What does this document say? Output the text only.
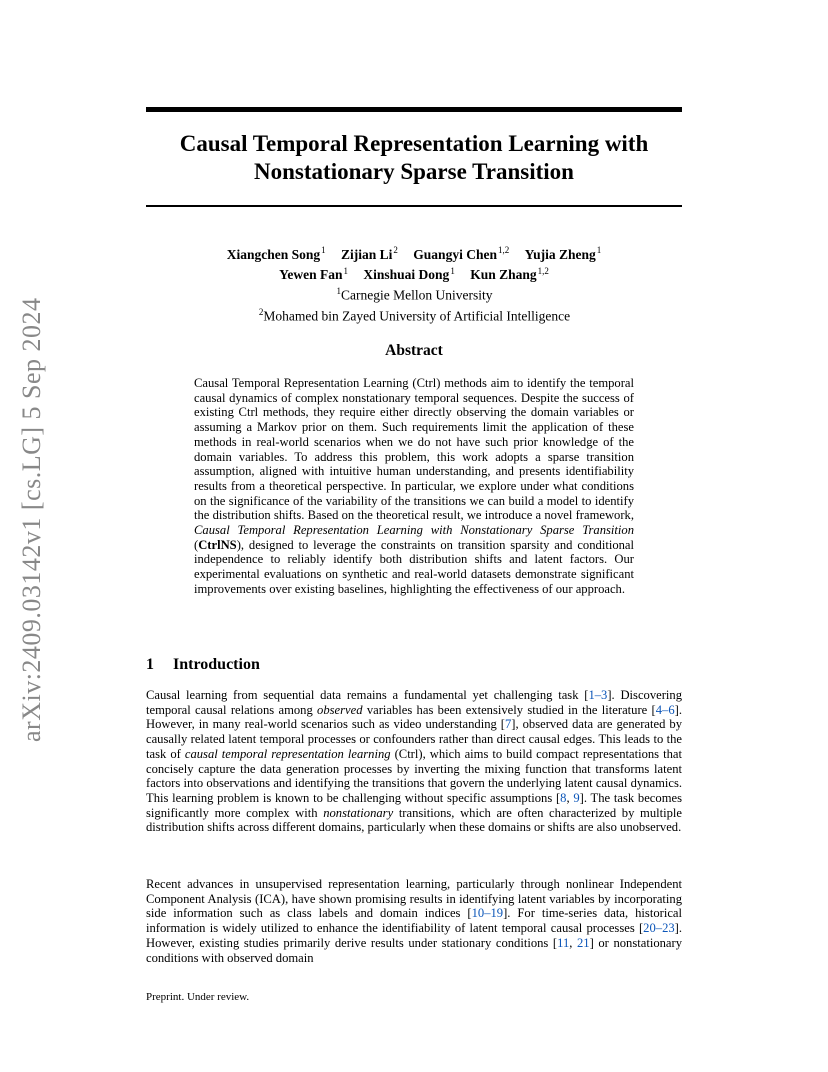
arXiv:2409.03142v1 [cs.LG] 5 Sep 2024
Causal Temporal Representation Learning with
Nonstationary Sparse Transition
Xiangchen Song$^1$ Zijian Li$^2$ Guangyi Chen$^{1,2}$ Yujia Zheng$^1$
Yewen Fan$^1$ Xinshuai Dong$^1$ Kun Zhang$^{1,2}$
$^1$Carnegie Mellon University
$^2$Mohamed bin Zayed University of Artificial Intelligence
Abstract
Causal Temporal Representation Learning (Ctrl) methods aim to identify the temporal causal dynamics of complex nonstationary temporal sequences. Despite the success of existing Ctrl methods, they require either directly observing the domain variables or assuming a Markov prior on them. Such requirements limit the application of these methods in real-world scenarios when we do not have such prior knowledge of the domain variables. To address this problem, this work adopts a sparse transition assumption, aligned with intuitive human understanding, and presents identifiability results from a theoretical perspective. In particular, we explore under what conditions on the significance of the variability of the transitions we can build a model to identify the distribution shifts. Based on the theoretical result, we introduce a novel framework, Causal Temporal Representation Learning with Nonstationary Sparse Transition (CtrlNS), designed to leverage the constraints on transition sparsity and conditional independence to reliably identify both distribution shifts and latent factors. Our experimental evaluations on synthetic and real-world datasets demonstrate significant improvements over existing baselines, highlighting the effectiveness of our approach.
1 Introduction
Causal learning from sequential data remains a fundamental yet challenging task [1–3]. Discovering temporal causal relations among observed variables has been extensively studied in the literature [4–6]. However, in many real-world scenarios such as video understanding [7], observed data are generated by causally related latent temporal processes or confounders rather than direct causal edges. This leads to the task of causal temporal representation learning (Ctrl), which aims to build compact representations that concisely capture the data generation processes by inverting the mixing function that transforms latent factors into observations and identifying the transitions that govern the underlying latent causal dynamics. This learning problem is known to be challenging without specific assumptions [8, 9]. The task becomes significantly more complex with nonstationary transitions, which are often characterized by multiple distribution shifts across different domains, particularly when these domains or shifts are also unobserved.
Recent advances in unsupervised representation learning, particularly through nonlinear Independent Component Analysis (ICA), have shown promising results in identifying latent variables by incorporating side information such as class labels and domain indices [10–19]. For time-series data, historical information is widely utilized to enhance the identifiability of latent temporal causal processes [20–23]. However, existing studies primarily derive results under stationary conditions [11, 21] or nonstationary conditions with observed domain
Preprint. Under review.
